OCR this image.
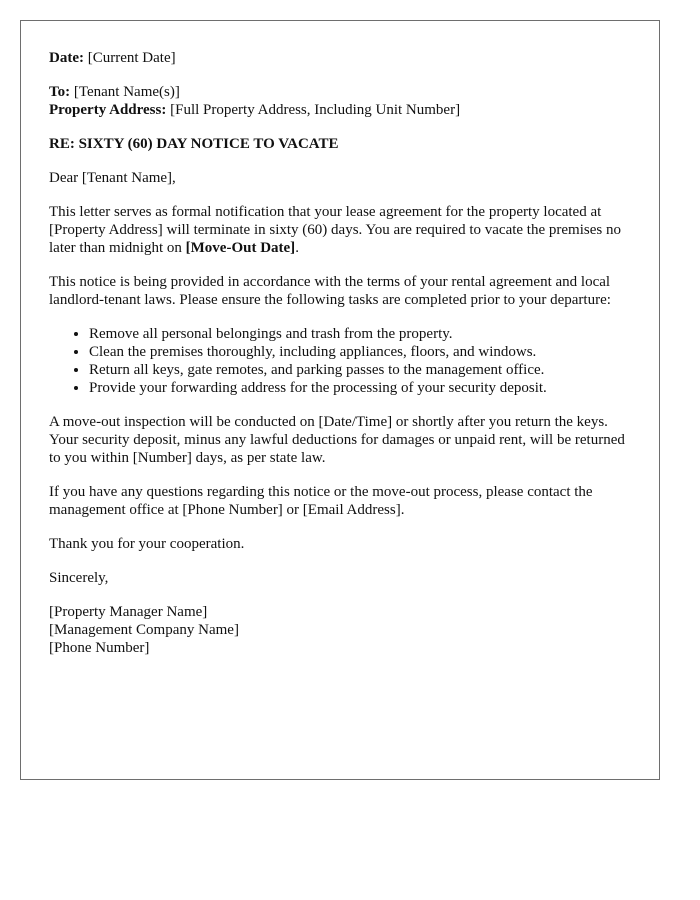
Date: [Current Date]

To: [Tenant Name(s)]

Property Address: [Full Property Address, Including Unit Number]

RE: SIXTY (60) DAY NOTICE TO VACATE

Dear [Tenant Name],

This letter serves as formal notification that your lease agreement for the property located at [Property Address] will terminate in sixty (60) days. You are required to vacate the premises no later than midnight on [Move-Out Date].

This notice is being provided in accordance with the terms of your rental agreement and local landlord-tenant laws. Please ensure the following tasks are completed prior to your departure:

• Remove all personal belongings and trash from the property.
• Clean the premises thoroughly, including appliances, floors, and windows.
• Return all keys, gate remotes, and parking passes to the management office.
• Provide your forwarding address for the processing of your security deposit.

A move-out inspection will be conducted on [Date/Time] or shortly after you return the keys. Your security deposit, minus any lawful deductions for damages or unpaid rent, will be returned to you within [Number] days, as per state law.

If you have any questions regarding this notice or the move-out process, please contact the management office at [Phone Number] or [Email Address].

Thank you for your cooperation.

Sincerely,

[Property Manager Name]

[Management Company Name]

[Phone Number]
